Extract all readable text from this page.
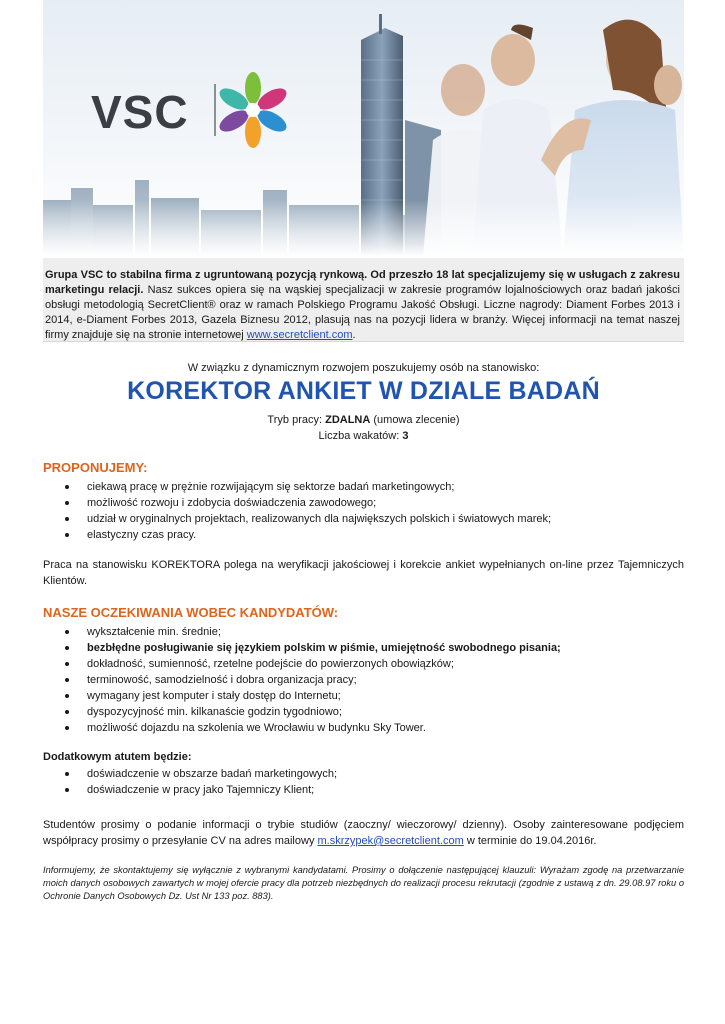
VSC
Grupa VSC to stabilna firma z ugruntowaną pozycją rynkową. Od przeszło 18 lat specjalizujemy się w usługach z zakresu marketingu relacji. Nasz sukces opiera się na wąskiej specjalizacji w zakresie programów lojalnościowych oraz badań jakości obsługi metodologią SecretClient® oraz w ramach Polskiego Programu Jakość Obsługi. Liczne nagrody: Diament Forbes 2013 i 2014, e-Diament Forbes 2013, Gazela Biznesu 2012, plasują nas na pozycji lidera w branży. Więcej informacji na temat naszej firmy znajduje się na stronie internetowej www.secretclient.com.
W związku z dynamicznym rozwojem poszukujemy osób na stanowisko:
KOREKTOR ANKIET W DZIALE BADAŃ
Tryb pracy: ZDALNA (umowa zlecenie)
Liczba wakatów: 3
PROPONUJEMY:
ciekawą pracę w prężnie rozwijającym się sektorze badań marketingowych;
możliwość rozwoju i zdobycia doświadczenia zawodowego;
udział w oryginalnych projektach, realizowanych dla największych polskich i światowych marek;
elastyczny czas pracy.
Praca na stanowisku KOREKTORA polega na weryfikacji jakościowej i korekcie ankiet wypełnianych on-line przez Tajemniczych Klientów.
NASZE OCZEKIWANIA WOBEC KANDYDATÓW:
wykształcenie min. średnie;
bezbłędne posługiwanie się językiem polskim w piśmie, umiejętność swobodnego pisania;
dokładność, sumienność, rzetelne podejście do powierzonych obowiązków;
terminowość, samodzielność i dobra organizacja pracy;
wymagany jest komputer i stały dostęp do Internetu;
dyspozycyjność min. kilkanaście godzin tygodniowo;
możliwość dojazdu na szkolenia we Wrocławiu w budynku Sky Tower.
Dodatkowym atutem będzie:
doświadczenie w obszarze badań marketingowych;
doświadczenie w pracy jako Tajemniczy Klient;
Studentów prosimy o podanie informacji o trybie studiów (zaoczny/ wieczorowy/ dzienny). Osoby zainteresowane podjęciem współpracy prosimy o przesyłanie CV na adres mailowy m.skrzypek@secretclient.com w terminie do 19.04.2016r.
Informujemy, że skontaktujemy się wyłącznie z wybranymi kandydatami. Prosimy o dołączenie następującej klauzuli: Wyrażam zgodę na przetwarzanie moich danych osobowych zawartych w mojej ofercie pracy dla potrzeb niezbędnych do realizacji procesu rekrutacji (zgodnie z ustawą z dn. 29.08.97 roku o Ochronie Danych Osobowych Dz. Ust Nr 133 poz. 883).
